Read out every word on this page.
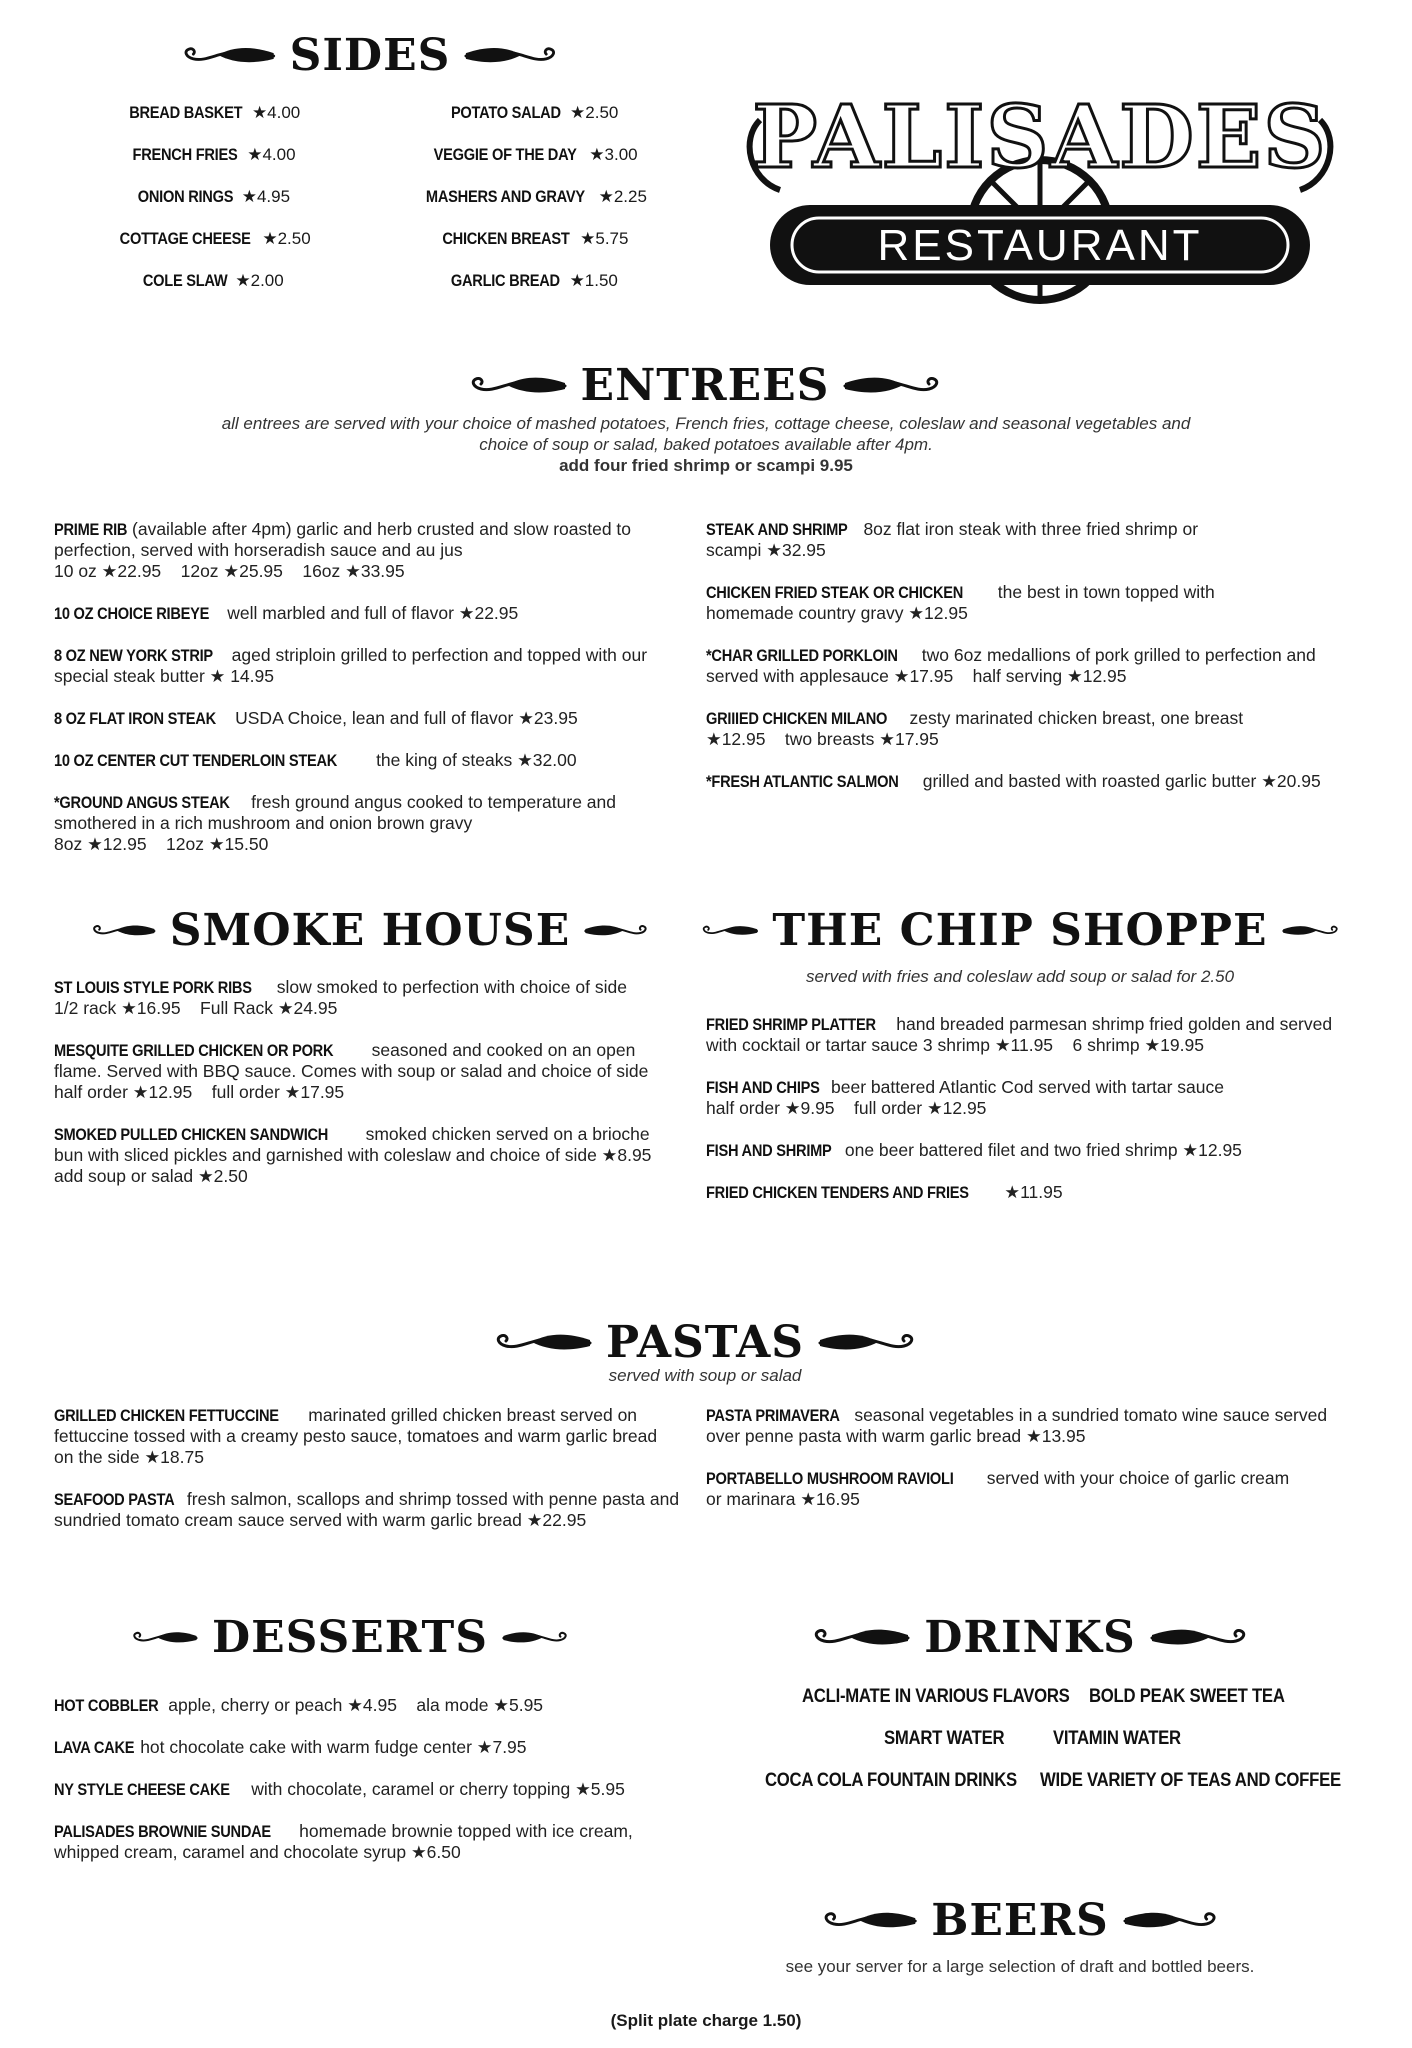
SIDES
BREAD BASKET ★4.00
FRENCH FRIES ★4.00
ONION RINGS ★4.95
COTTAGE CHEESE ★2.50
COLE SLAW ★2.00
POTATO SALAD ★2.50
VEGGIE OF THE DAY ★3.00
MASHERS AND GRAVY ★2.25
CHICKEN BREAST ★5.75
GARLIC BREAD ★1.50
PALISADES
RESTAURANT
ENTREES
all entrees are served with your choice of mashed potatoes, French fries, cottage cheese, coleslaw and seasonal vegetables and
choice of soup or salad, baked potatoes available after 4pm.
add four fried shrimp or scampi 9.95
PRIME RIB (available after 4pm) garlic and herb crusted and slow roasted to perfection, served with horseradish sauce and au jus
10 oz ★22.95    12oz ★25.95    16oz ★33.95
10 OZ CHOICE RIBEYE well marbled and full of flavor ★22.95
8 OZ NEW YORK STRIP aged striploin grilled to perfection and topped with our special steak butter ★ 14.95
8 OZ FLAT IRON STEAK USDA Choice, lean and full of flavor ★23.95
10 OZ CENTER CUT TENDERLOIN STEAK the king of steaks ★32.00
*GROUND ANGUS STEAK fresh ground angus cooked to temperature and smothered in a rich mushroom and onion brown gravy
8oz ★12.95    12oz ★15.50
STEAK AND SHRIMP 8oz flat iron steak with three fried shrimp or scampi ★32.95
CHICKEN FRIED STEAK OR CHICKEN the best in town topped with homemade country gravy ★12.95
*CHAR GRILLED PORKLOIN two 6oz medallions of pork grilled to perfection and served with applesauce ★17.95    half serving ★12.95
GRIIIED CHICKEN MILANO zesty marinated chicken breast, one breast ★12.95    two breasts ★17.95
*FRESH ATLANTIC SALMON grilled and basted with roasted garlic butter ★20.95
SMOKE HOUSE
ST LOUIS STYLE PORK RIBS slow smoked to perfection with choice of side
1/2 rack ★16.95    Full Rack ★24.95
MESQUITE GRILLED CHICKEN OR PORK seasoned and cooked on an open flame. Served with BBQ sauce. Comes with soup or salad and choice of side
half order ★12.95    full order ★17.95
SMOKED PULLED CHICKEN SANDWICH smoked chicken served on a brioche bun with sliced pickles and garnished with coleslaw and choice of side ★8.95
add soup or salad ★2.50
THE CHIP SHOPPE
served with fries and coleslaw add soup or salad for 2.50
FRIED SHRIMP PLATTER hand breaded parmesan shrimp fried golden and served with cocktail or tartar sauce 3 shrimp ★11.95    6 shrimp ★19.95
FISH AND CHIPS beer battered Atlantic Cod served with tartar sauce
half order ★9.95    full order ★12.95
FISH AND SHRIMP one beer battered filet and two fried shrimp ★12.95
FRIED CHICKEN TENDERS AND FRIES ★11.95
PASTAS
served with soup or salad
GRILLED CHICKEN FETTUCCINE marinated grilled chicken breast served on fettuccine tossed with a creamy pesto sauce, tomatoes and warm garlic bread on the side ★18.75
SEAFOOD PASTA fresh salmon, scallops and shrimp tossed with penne pasta and sundried tomato cream sauce served with warm garlic bread ★22.95
PASTA PRIMAVERA seasonal vegetables in a sundried tomato wine sauce served over penne pasta with warm garlic bread ★13.95
PORTABELLO MUSHROOM RAVIOLI served with your choice of garlic cream or marinara ★16.95
DESSERTS
HOT COBBLER apple, cherry or peach ★4.95    ala mode ★5.95
LAVA CAKE hot chocolate cake with warm fudge center ★7.95
NY STYLE CHEESE CAKE with chocolate, caramel or cherry topping ★5.95
PALISADES BROWNIE SUNDAE homemade brownie topped with ice cream, whipped cream, caramel and chocolate syrup ★6.50
DRINKS
ACLI-MATE IN VARIOUS FLAVORS BOLD PEAK SWEET TEA
SMART WATER	VITAMIN WATER
COCA COLA FOUNTAIN DRINKS WIDE VARIETY OF TEAS AND COFFEE
BEERS
see your server for a large selection of draft and bottled beers.
(Split plate charge 1.50)
